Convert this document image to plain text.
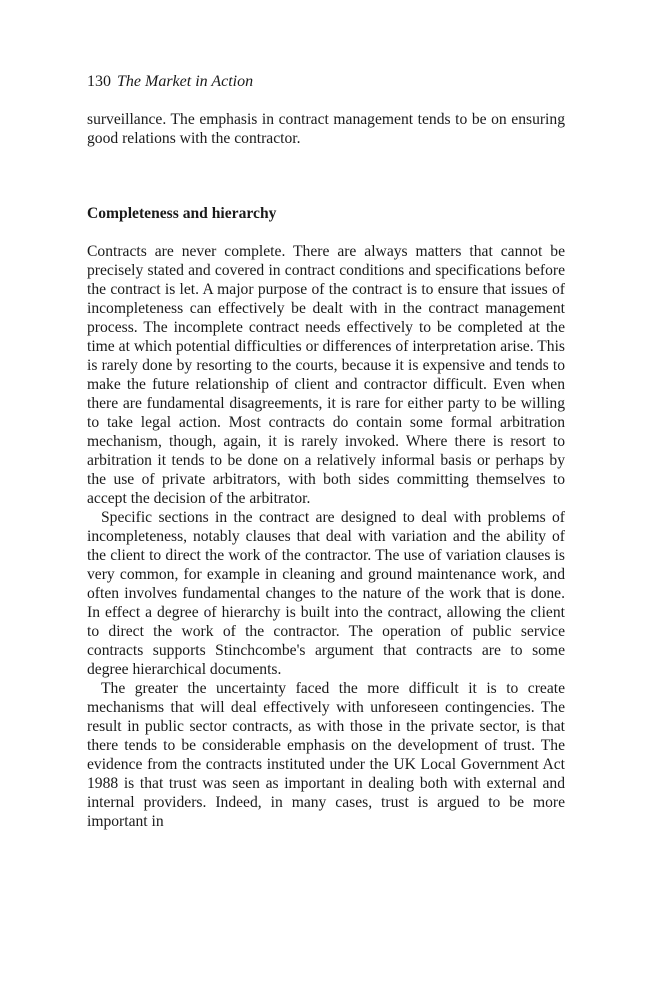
130 The Market in Action

surveillance. The emphasis in contract management tends to be on ensuring good relations with the contractor.

Completeness and hierarchy

Contracts are never complete. There are always matters that cannot be precisely stated and covered in contract conditions and specifications before the contract is let. A major purpose of the contract is to ensure that issues of incompleteness can effectively be dealt with in the contract management process. The incomplete contract needs effectively to be completed at the time at which potential difficulties or differences of interpretation arise. This is rarely done by resorting to the courts, because it is expensive and tends to make the future relationship of client and contractor difficult. Even when there are fundamental disagreements, it is rare for either party to be willing to take legal action. Most contracts do contain some formal arbitration mechanism, though, again, it is rarely invoked. Where there is resort to arbitration it tends to be done on a relatively informal basis or perhaps by the use of private arbitrators, with both sides committing themselves to accept the decision of the arbitrator.

Specific sections in the contract are designed to deal with problems of incompleteness, notably clauses that deal with variation and the ability of the client to direct the work of the contractor. The use of variation clauses is very common, for example in cleaning and ground maintenance work, and often involves fundamental changes to the nature of the work that is done. In effect a degree of hierarchy is built into the contract, allowing the client to direct the work of the contractor. The operation of public service contracts supports Stinchcombe's argument that contracts are to some degree hierarchical documents.

The greater the uncertainty faced the more difficult it is to create mechanisms that will deal effectively with unforeseen contingencies. The result in public sector contracts, as with those in the private sector, is that there tends to be considerable emphasis on the development of trust. The evidence from the contracts instituted under the UK Local Government Act 1988 is that trust was seen as important in dealing both with external and internal providers. Indeed, in many cases, trust is argued to be more important in
